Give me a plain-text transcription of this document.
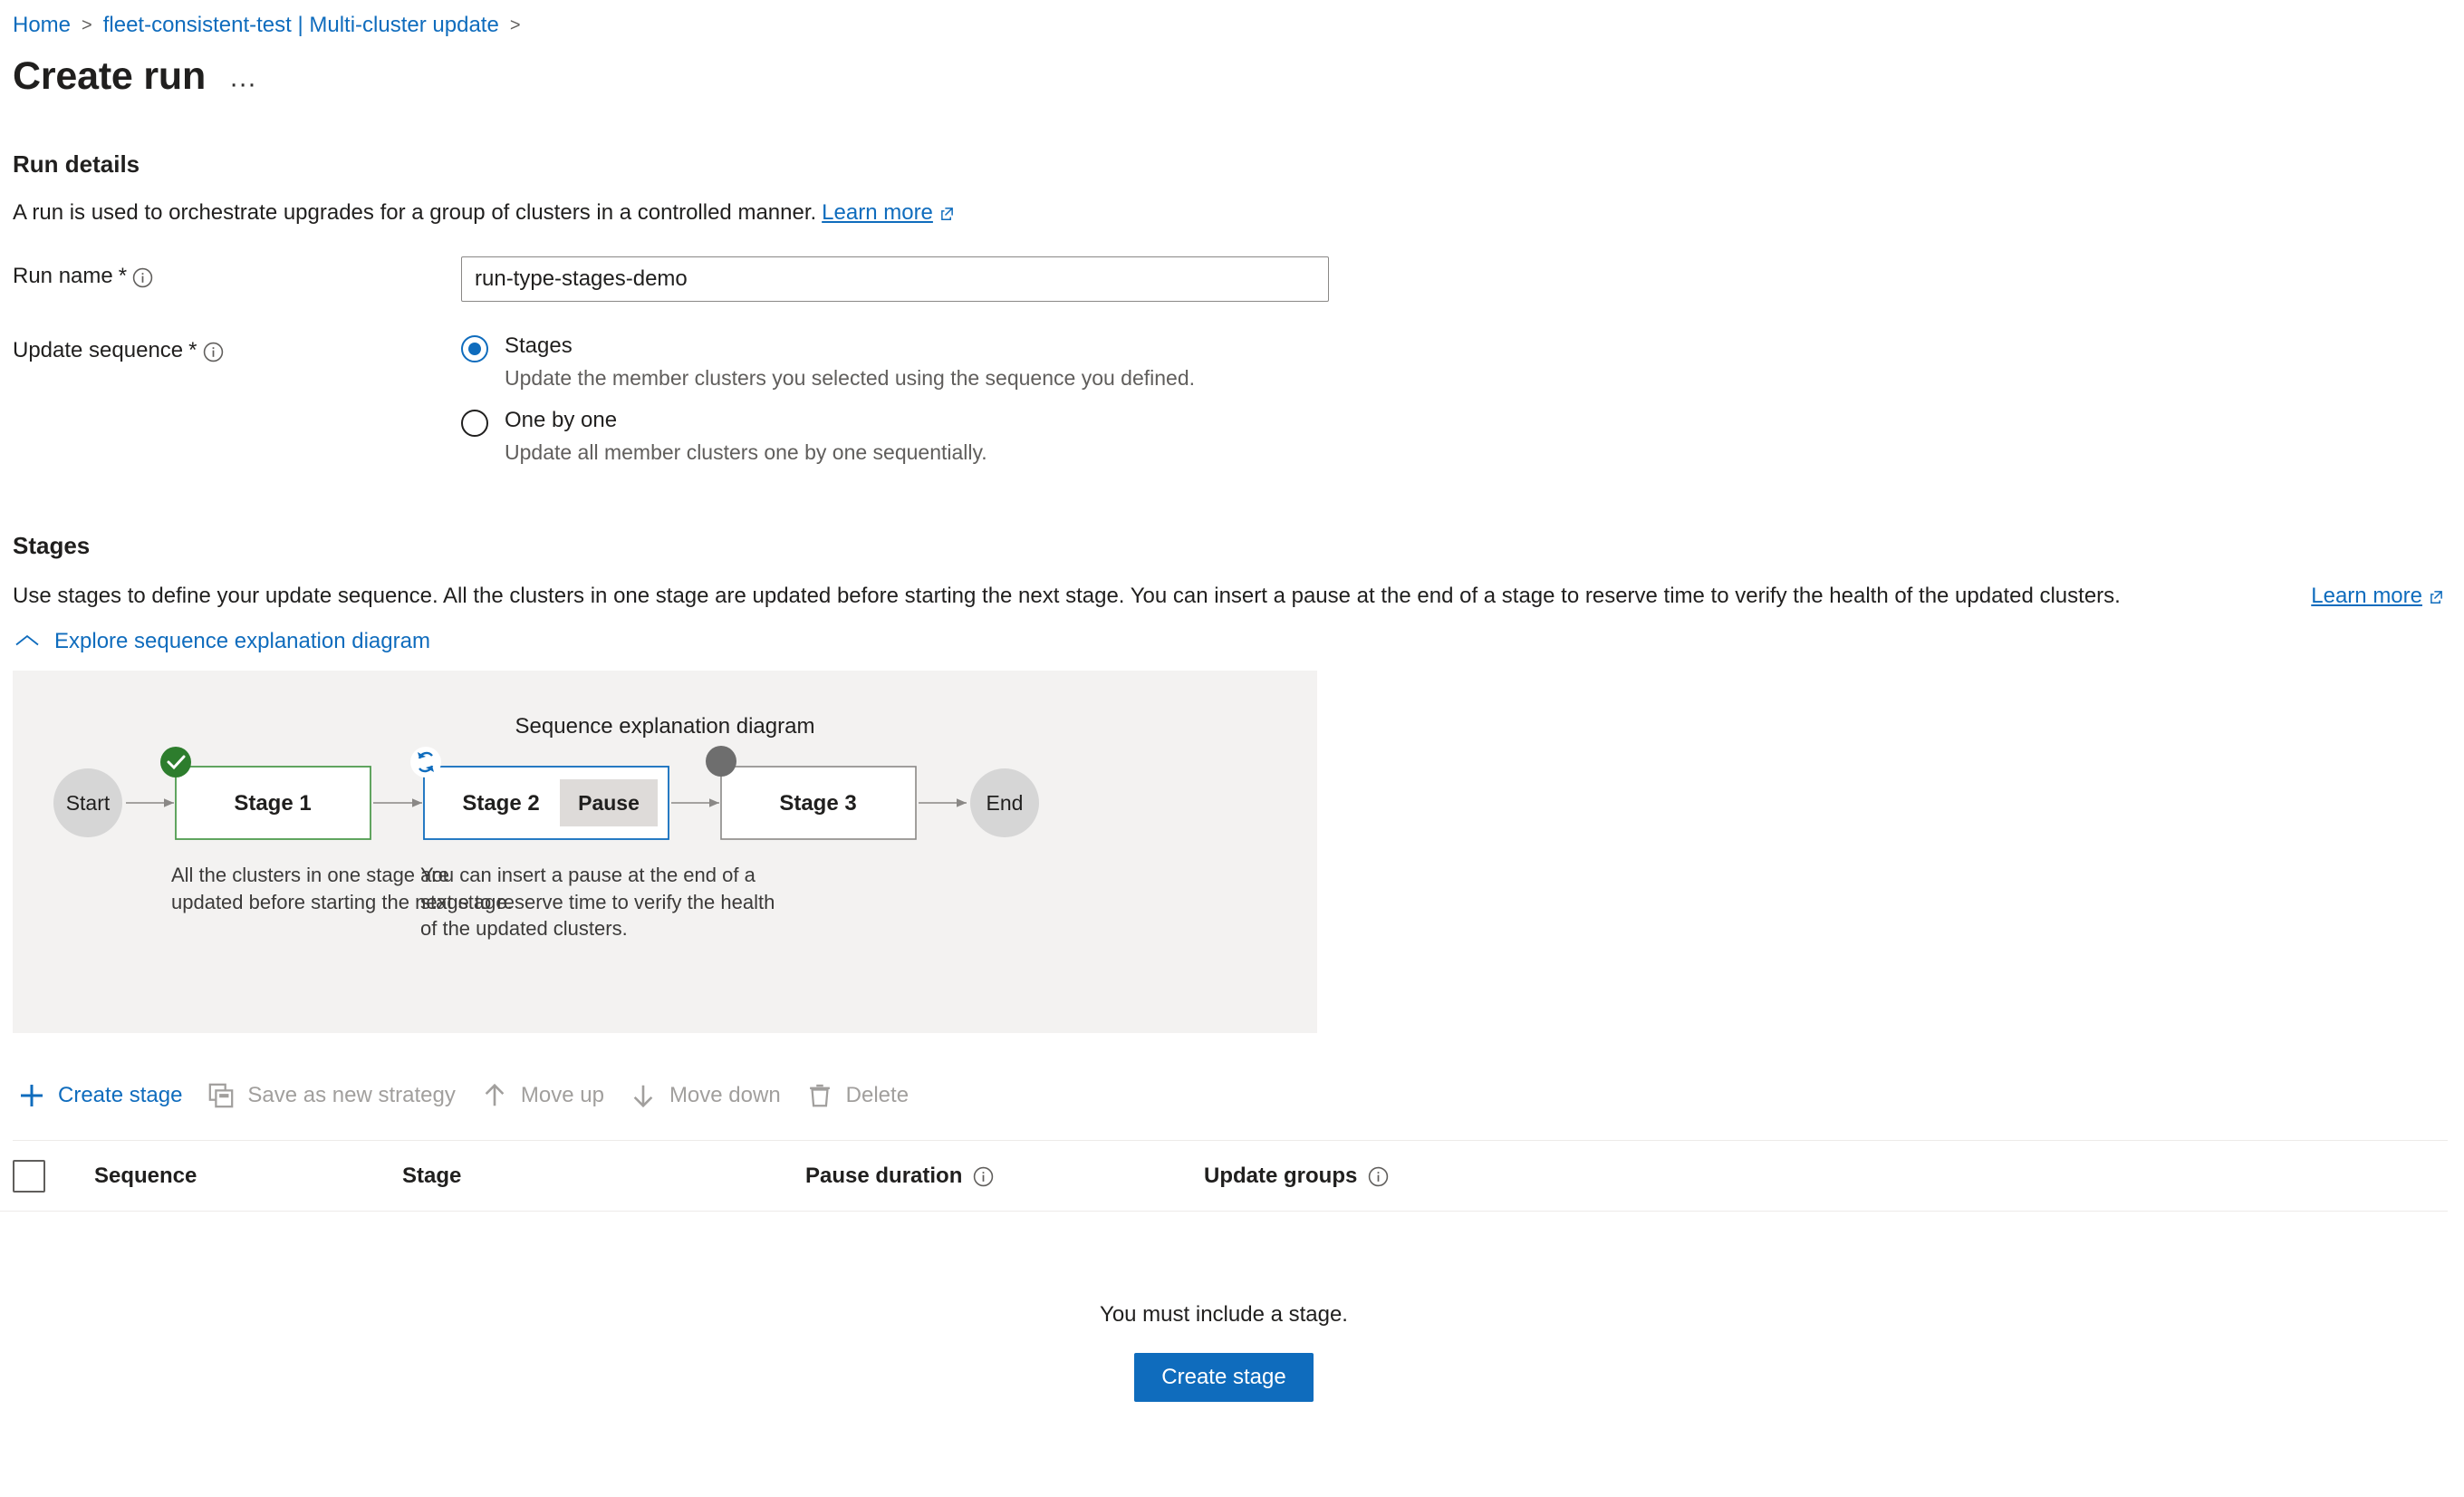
Home > fleet-consistent-test | Multi-cluster update >
Create run ···
Run details
A run is used to orchestrate upgrades for a group of clusters in a controlled manner. Learn more
Run name *
run-type-stages-demo
Update sequence *	Stages
Update the member clusters you selected using the sequence you defined.
One by one
Update all member clusters one by one sequentially.
Stages
Use stages to define your update sequence. All the clusters in one stage are updated before starting the next stage. You can insert a pause at the end of a stage to reserve time to verify the health of the updated clusters.	Learn more
Explore sequence explanation diagram
Sequence explanation diagram
Start	Stage 1	Stage 2 Pause	Stage 3	End
All the clusters in one stage are updated before starting the next stage.
You can insert a pause at the end of a stage to reserve time to verify the health of the updated clusters.
Create stage	Save as new strategy	Move up	Move down	Delete
Sequence	Stage	Pause duration	Update groups
You must include a stage.
Create stage
